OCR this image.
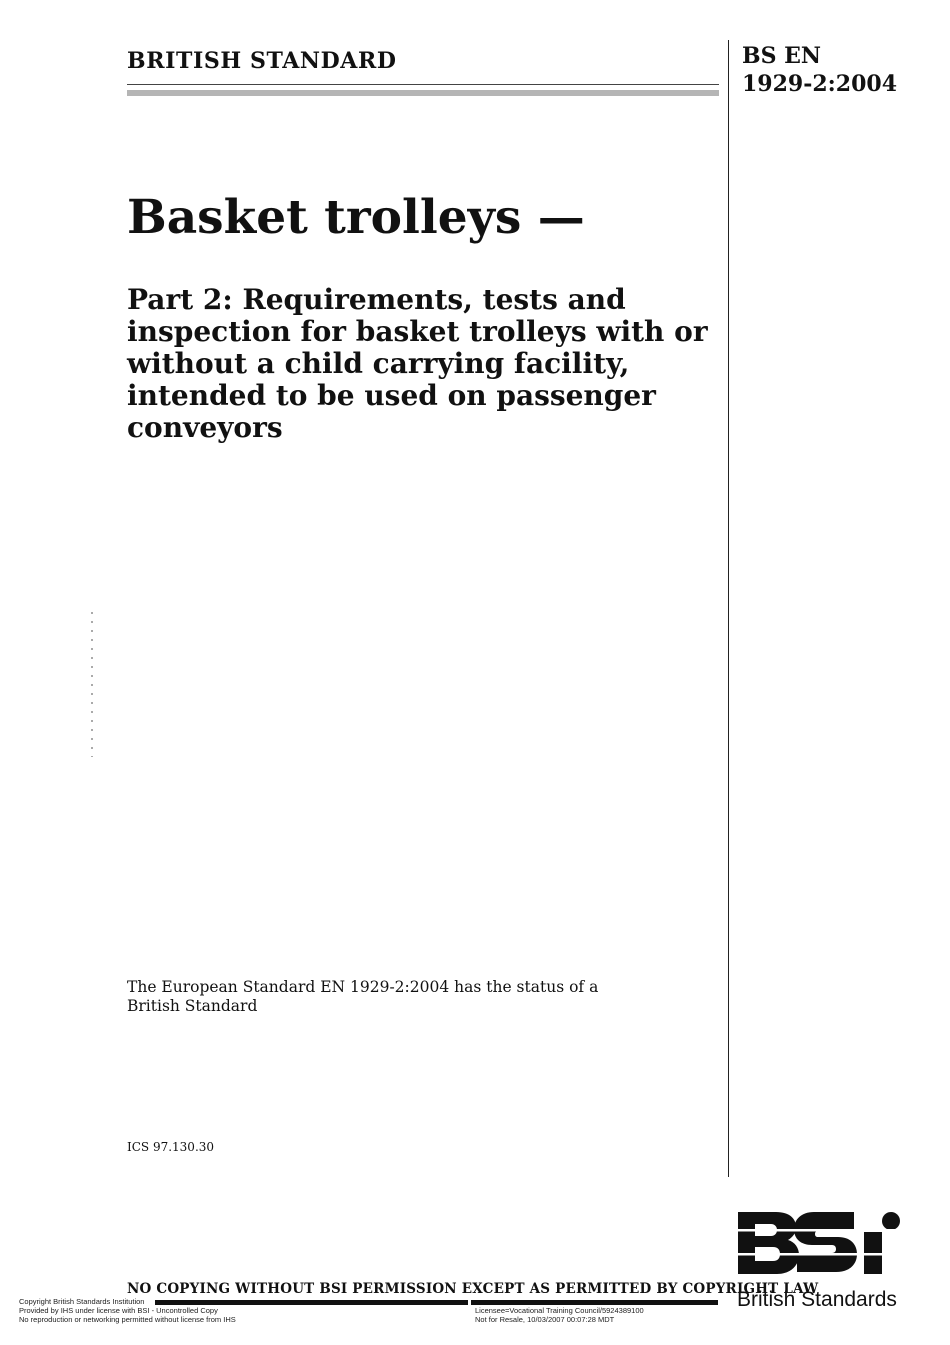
BRITISH STANDARD	BS EN
1929-2:2004
Basket trolleys —
Part 2: Requirements, tests and
inspection for basket trolleys with or
without a child carrying facility,
intended to be used on passenger
conveyors
The European Standard EN 1929-2:2004 has the status of a
British Standard
ICS 97.130.30
British Standards
NO COPYING WITHOUT BSI PERMISSION EXCEPT AS PERMITTED BY COPYRIGHT LAW
Copyright British Standards Institution
Provided by IHS under license with BSI - Uncontrolled Copy
No reproduction or networking permitted without license from IHS
Licensee=Vocational Training Council/5924389100
Not for Resale, 10/03/2007 00:07:28 MDT
